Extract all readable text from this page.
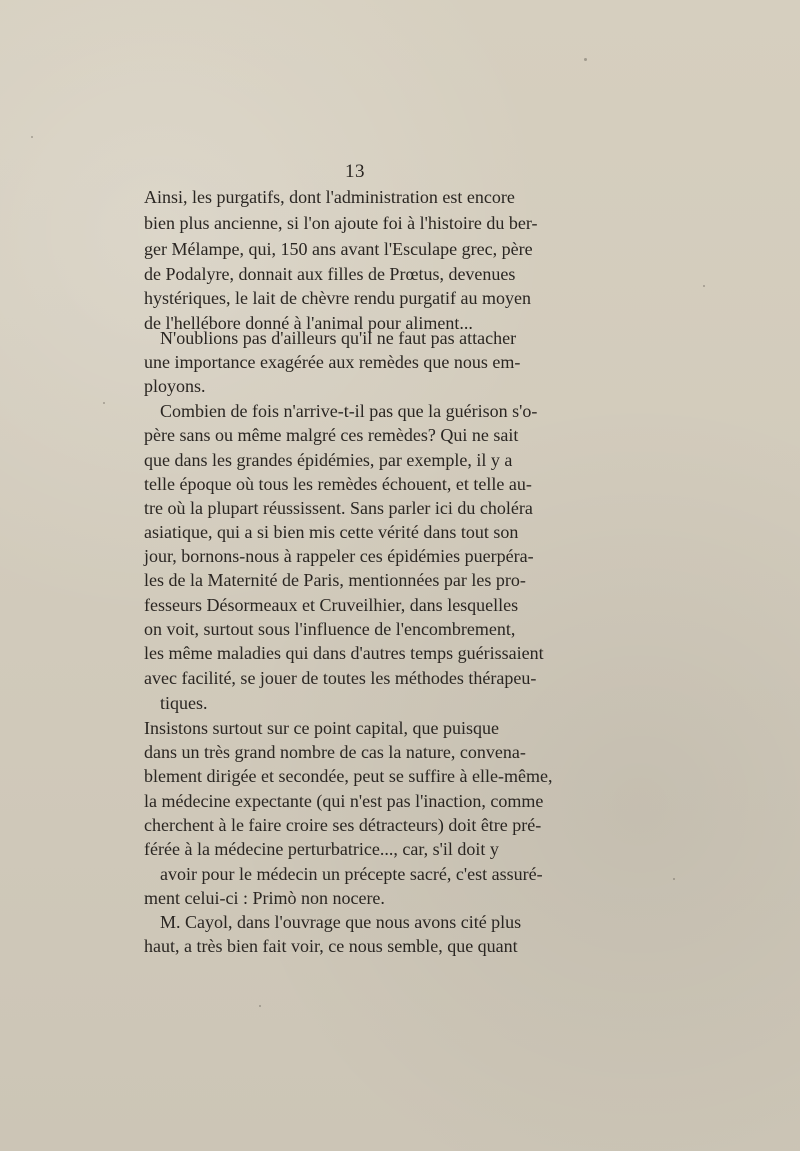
13
Ainsi, les purgatifs, dont l'administration est encore
bien plus ancienne, si l'on ajoute foi à l'histoire du ber-
ger Mélampe, qui, 150 ans avant l'Esculape grec, père
de Podalyre, donnait aux filles de Prœtus, devenues
hystériques, le lait de chèvre rendu purgatif au moyen
de l'hellébore donné à l'animal pour aliment...
N'oublions pas d'ailleurs qu'il ne faut pas attacher
une importance exagérée aux remèdes que nous em-
ployons.
Combien de fois n'arrive-t-il pas que la guérison s'o-
père sans ou même malgré ces remèdes? Qui ne sait
que dans les grandes épidémies, par exemple, il y a
telle époque où tous les remèdes échouent, et telle au-
tre où la plupart réussissent. Sans parler ici du choléra
asiatique, qui a si bien mis cette vérité dans tout son
jour, bornons-nous à rappeler ces épidémies puerpéra-
les de la Maternité de Paris, mentionnées par les pro-
fesseurs Désormeaux et Cruveilhier, dans lesquelles
on voit, surtout sous l'influence de l'encombrement,
les même maladies qui dans d'autres temps guérissaient
avec facilité, se jouer de toutes les méthodes thérapeu-
tiques.
Insistons surtout sur ce point capital, que puisque
dans un très grand nombre de cas la nature, convena-
blement dirigée et secondée, peut se suffire à elle-même,
la médecine expectante (qui n'est pas l'inaction, comme
cherchent à le faire croire ses détracteurs) doit être pré-
férée à la médecine perturbatrice..., car, s'il doit y
avoir pour le médecin un précepte sacré, c'est assuré-
ment celui-ci : Primò non nocere.
M. Cayol, dans l'ouvrage que nous avons cité plus
haut, a très bien fait voir, ce nous semble, que quant
